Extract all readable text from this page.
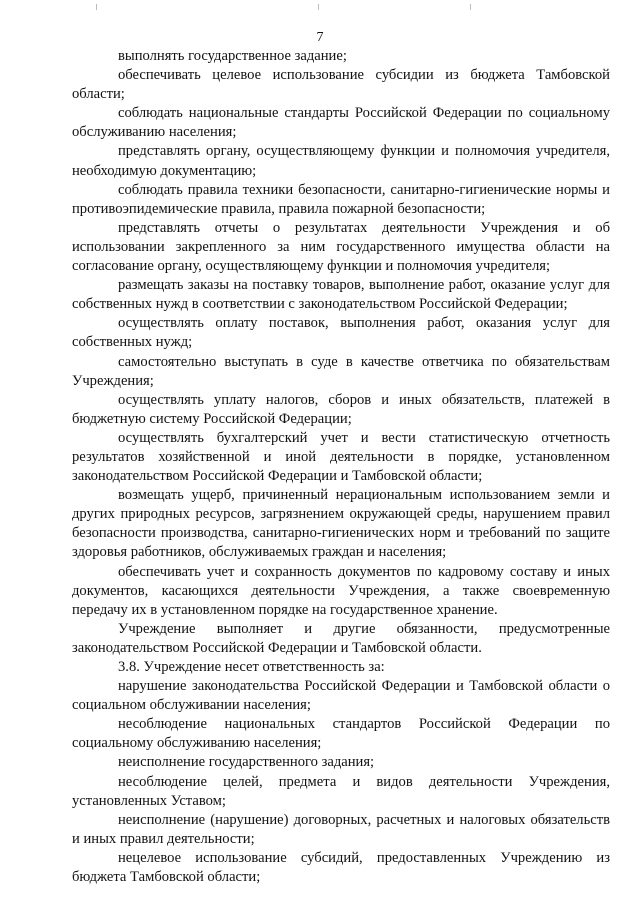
7

выполнять государственное задание;

обеспечивать целевое использование субсидии из бюджета Тамбовской области;

соблюдать национальные стандарты Российской Федерации по социальному обслуживанию населения;

представлять органу, осуществляющему функции и полномочия учредителя, необходимую документацию;

соблюдать правила техники безопасности, санитарно-гигиенические нормы и противоэпидемические правила, правила пожарной безопасности;

представлять отчеты о результатах деятельности Учреждения и об использовании закрепленного за ним государственного имущества области на согласование органу, осуществляющему функции и полномочия учредителя;

размещать заказы на поставку товаров, выполнение работ, оказание услуг для собственных нужд в соответствии с законодательством Российской Федерации;

осуществлять оплату поставок, выполнения работ, оказания услуг для собственных нужд;

самостоятельно выступать в суде в качестве ответчика по обязательствам Учреждения;

осуществлять уплату налогов, сборов и иных обязательств, платежей в бюджетную систему Российской Федерации;

осуществлять бухгалтерский учет и вести статистическую отчетность результатов хозяйственной и иной деятельности в порядке, установленном законодательством Российской Федерации и Тамбовской области;

возмещать ущерб, причиненный нерациональным использованием земли и других природных ресурсов, загрязнением окружающей среды, нарушением правил безопасности производства, санитарно-гигиенических норм и требований по защите здоровья работников, обслуживаемых граждан и населения;

обеспечивать учет и сохранность документов по кадровому составу и иных документов, касающихся деятельности Учреждения, а также своевременную передачу их в установленном порядке на государственное хранение.

Учреждение выполняет и другие обязанности, предусмотренные законодательством Российской Федерации и Тамбовской области.

3.8. Учреждение несет ответственность за:

нарушение законодательства Российской Федерации и Тамбовской области о социальном обслуживании населения;

несоблюдение национальных стандартов Российской Федерации по социальному обслуживанию населения;

неисполнение государственного задания;

несоблюдение целей, предмета и видов деятельности Учреждения, установленных Уставом;

неисполнение (нарушение) договорных, расчетных и налоговых обязательств и иных правил деятельности;

нецелевое использование субсидий, предоставленных Учреждению из бюджета Тамбовской области;
